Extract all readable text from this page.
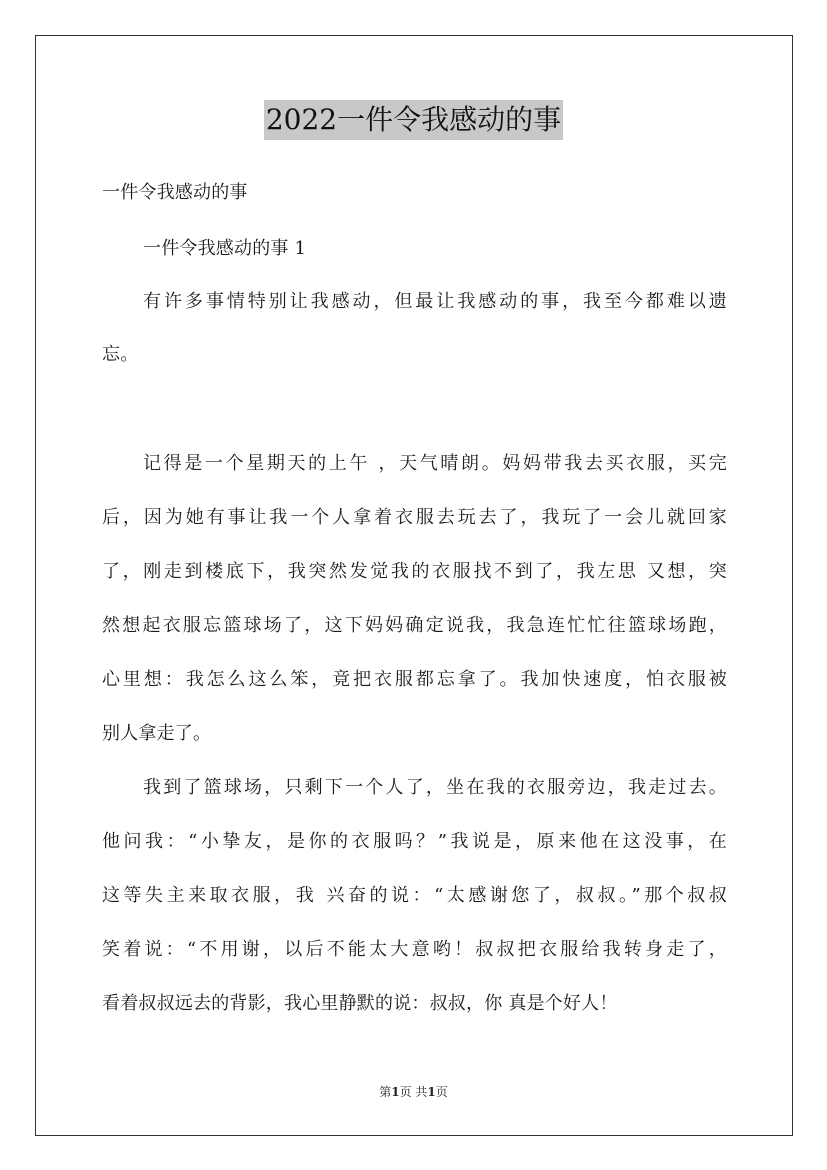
2022一件令我感动的事
一件令我感动的事
一件令我感动的事 1
有许多事情特别让我感动，但最让我感动的事，我至今都难以遗
忘。
记得是一个星期天的上午 ，天气晴朗。妈妈带我去买衣服，买完
后，因为她有事让我一个人拿着衣服去玩去了，我玩了一会儿就回家
了，刚走到楼底下，我突然发觉我的衣服找不到了，我左思 又想，突
然想起衣服忘篮球场了，这下妈妈确定说我，我急连忙忙往篮球场跑，
心里想：我怎么这么笨，竟把衣服都忘拿了。我加快速度，怕衣服被
别人拿走了。
我到了篮球场，只剩下一个人了，坐在我的衣服旁边，我走过去。
他问我：“小挚友，是你的衣服吗？”我说是，原来他在这没事，在
这等失主来取衣服，我 兴奋的说：“太感谢您了，叔叔。”那个叔叔
笑着说：“不用谢，以后不能太大意哟！叔叔把衣服给我转身走了，
看着叔叔远去的背影，我心里静默的说：叔叔，你 真是个好人！
第1页 共1页
